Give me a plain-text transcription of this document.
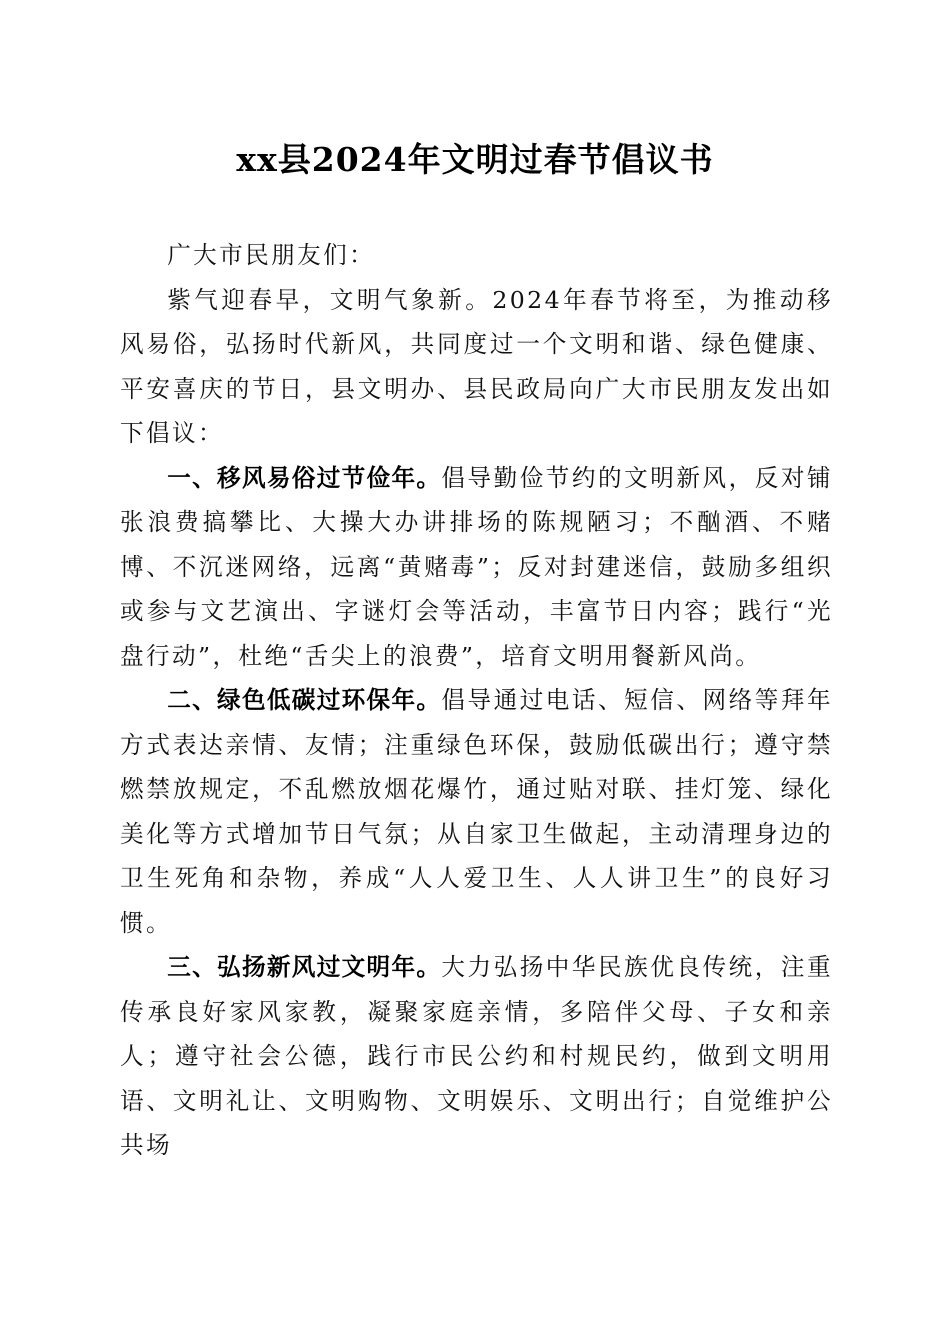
xx县2024年文明过春节倡议书

广大市民朋友们：

紫气迎春早，文明气象新。2024年春节将至，为推动移风易俗，弘扬时代新风，共同度过一个文明和谐、绿色健康、平安喜庆的节日，县文明办、县民政局向广大市民朋友发出如下倡议：

一、移风易俗过节俭年。倡导勤俭节约的文明新风，反对铺张浪费搞攀比、大操大办讲排场的陈规陋习；不酗酒、不赌博、不沉迷网络，远离“黄赌毒”；反对封建迷信，鼓励多组织或参与文艺演出、字谜灯会等活动，丰富节日内容；践行“光盘行动”，杜绝“舌尖上的浪费”，培育文明用餐新风尚。

二、绿色低碳过环保年。倡导通过电话、短信、网络等拜年方式表达亲情、友情；注重绿色环保，鼓励低碳出行；遵守禁燃禁放规定，不乱燃放烟花爆竹，通过贴对联、挂灯笼、绿化美化等方式增加节日气氛；从自家卫生做起，主动清理身边的卫生死角和杂物，养成“人人爱卫生、人人讲卫生”的良好习惯。

三、弘扬新风过文明年。大力弘扬中华民族优良传统，注重传承良好家风家教，凝聚家庭亲情，多陪伴父母、子女和亲人；遵守社会公德，践行市民公约和村规民约，做到文明用语、文明礼让、文明购物、文明娱乐、文明出行；自觉维护公共场
